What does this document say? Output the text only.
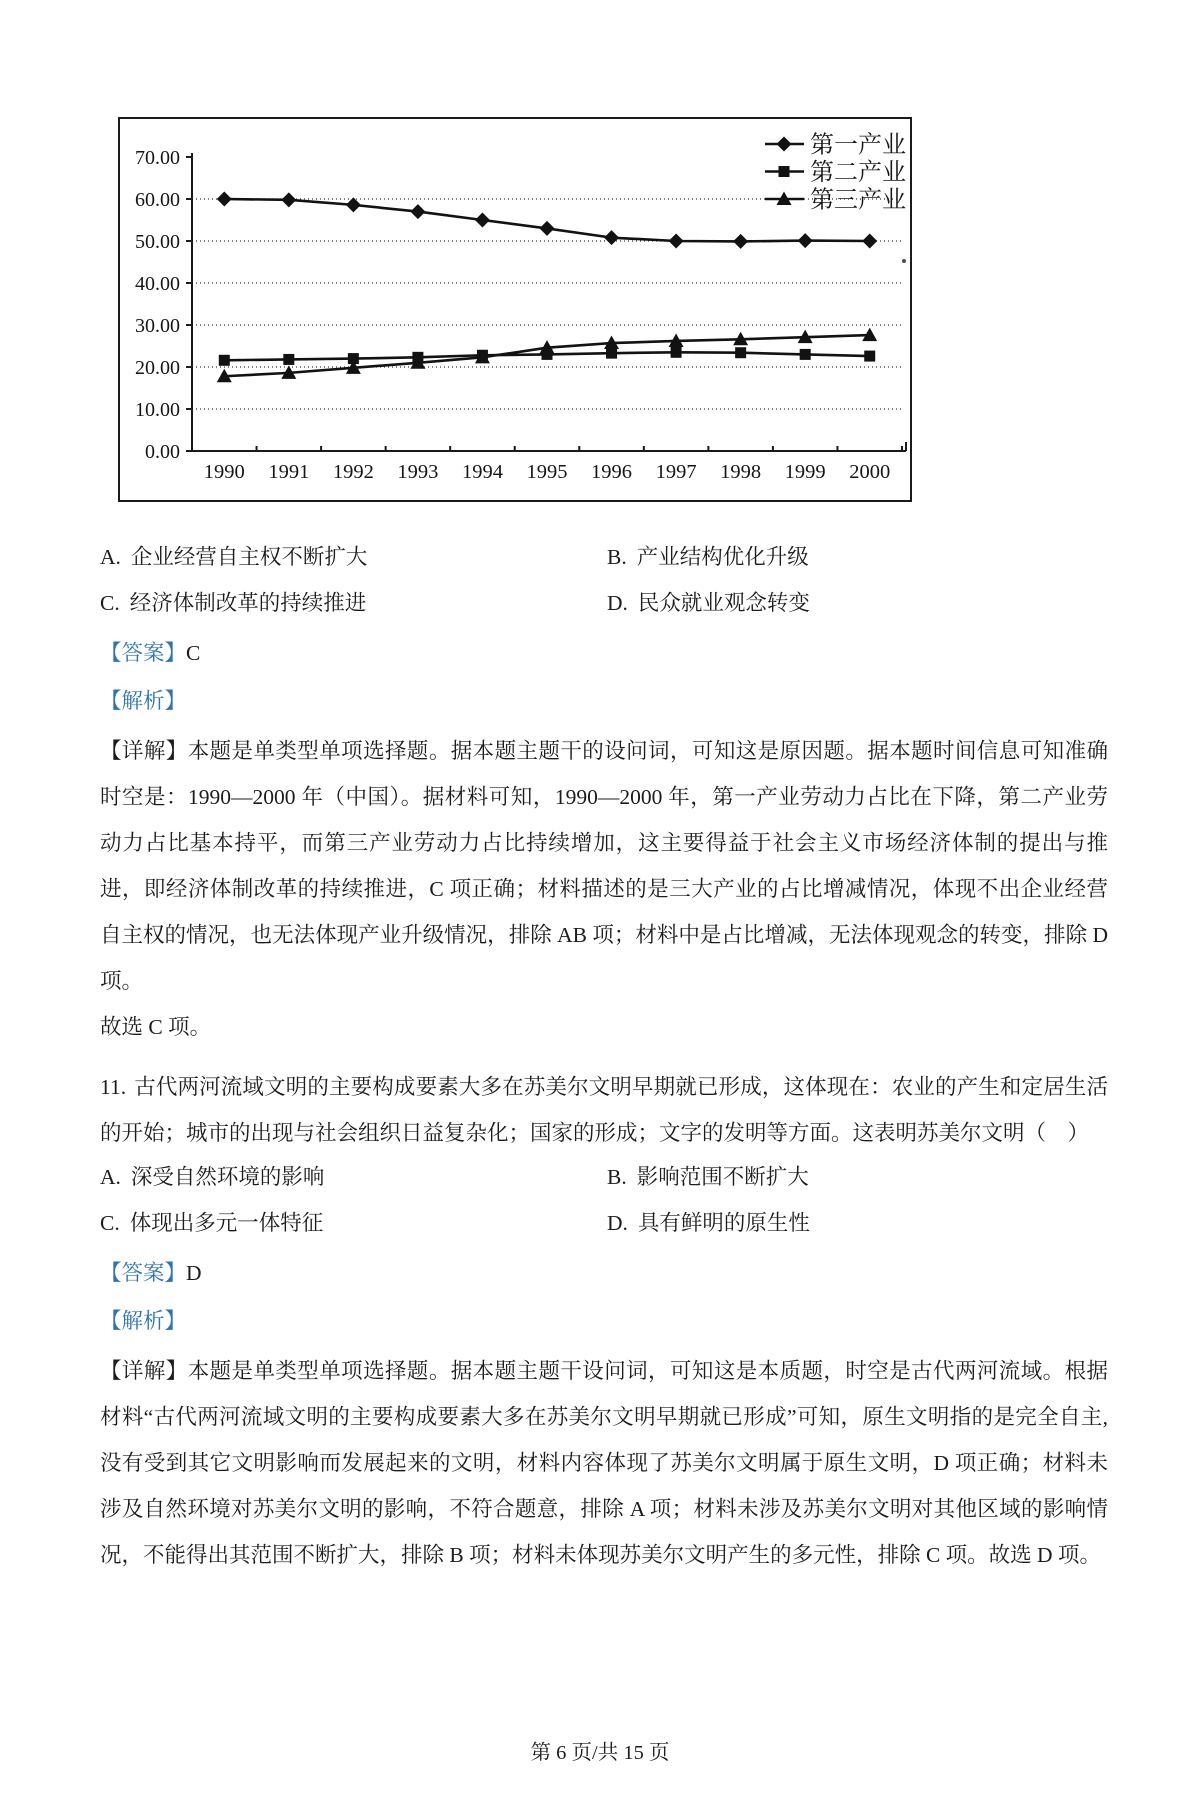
0.00
10.00
20.00
30.00
40.00
50.00
60.00
70.00
1990 1991 1992 1993 1994 1995 1996 1997 1998 1999 2000
第一产业
第二产业
第三产业
A. 企业经营自主权不断扩大	B. 产业结构优化升级
C. 经济体制改革的持续推进	D. 民众就业观念转变

【答案】C

【解析】

【详解】本题是单类型单项选择题。据本题主题干的设问词，可知这是原因题。据本题时间信息可知准确时空是：1990—2000 年（中国）。据材料可知，1990—2000 年，第一产业劳动力占比在下降，第二产业劳动力占比基本持平，而第三产业劳动力占比持续增加，这主要得益于社会主义市场经济体制的提出与推进，即经济体制改革的持续推进，C 项正确；材料描述的是三大产业的占比增减情况，体现不出企业经营自主权的情况，也无法体现产业升级情况，排除 AB 项；材料中是占比增减，无法体现观念的转变，排除 D 项。
故选 C 项。

11. 古代两河流域文明的主要构成要素大多在苏美尔文明早期就已形成，这体现在：农业的产生和定居生活的开始；城市的出现与社会组织日益复杂化；国家的形成；文字的发明等方面。这表明苏美尔文明（　）

A. 深受自然环境的影响	B. 影响范围不断扩大
C. 体现出多元一体特征	D. 具有鲜明的原生性

【答案】D

【解析】

【详解】本题是单类型单项选择题。据本题主题干设问词，可知这是本质题，时空是古代两河流域。根据材料“古代两河流域文明的主要构成要素大多在苏美尔文明早期就已形成”可知，原生文明指的是完全自主,没有受到其它文明影响而发展起来的文明，材料内容体现了苏美尔文明属于原生文明，D 项正确；材料未涉及自然环境对苏美尔文明的影响，不符合题意，排除 A 项；材料未涉及苏美尔文明对其他区域的影响情况，不能得出其范围不断扩大，排除 B 项；材料未体现苏美尔文明产生的多元性，排除 C 项。故选 D 项。

第 6 页/共 15 页
